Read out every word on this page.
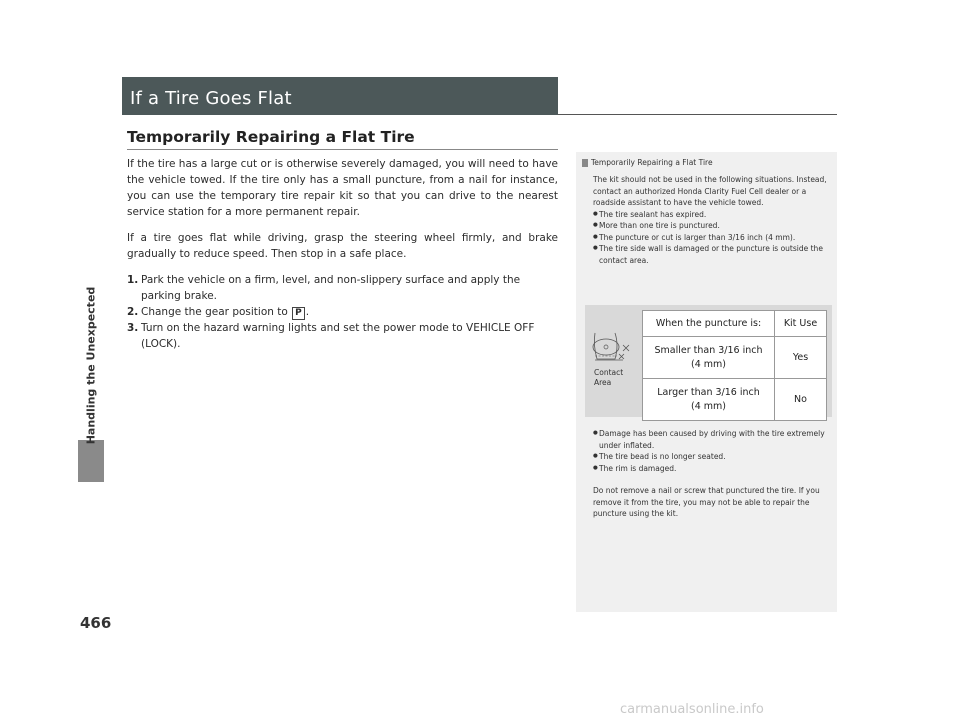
Handling the Unexpected
466
If a Tire Goes Flat
Temporarily Repairing a Flat Tire

If the tire has a large cut or is otherwise severely damaged, you will need to have the vehicle towed. If the tire only has a small puncture, from a nail for instance, you can use the temporary tire repair kit so that you can drive to the nearest service station for a more permanent repair.

If a tire goes flat while driving, grasp the steering wheel firmly, and brake gradually to reduce speed. Then stop in a safe place.

1. Park the vehicle on a firm, level, and non-slippery surface and apply the parking brake.
2. Change the gear position to P .
3. Turn on the hazard warning lights and set the power mode to VEHICLE OFF (LOCK).
Temporarily Repairing a Flat Tire
The kit should not be used in the following situations. Instead, contact an authorized Honda Clarity Fuel Cell dealer or a roadside assistant to have the vehicle towed.
● The tire sealant has expired.
● More than one tire is punctured.
● The puncture or cut is larger than 3/16 inch (4 mm).
● The tire side wall is damaged or the puncture is outside the contact area.
Contact
Area
When the puncture is:	Kit Use

Smaller than 3/16 inch
(4 mm)	Yes

Larger than 3/16 inch
(4 mm)	No
● Damage has been caused by driving with the tire extremely under inflated.
● The tire bead is no longer seated.
● The rim is damaged.
Do not remove a nail or screw that punctured the tire. If you remove it from the tire, you may not be able to repair the puncture using the kit.
carmanualsonline.info
